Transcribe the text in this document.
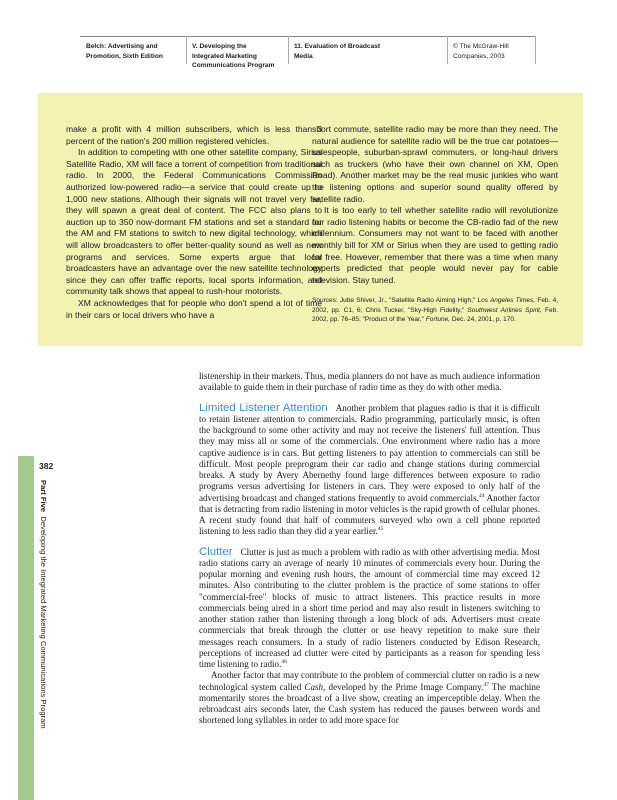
Belch: Advertising and
Promotion, Sixth Edition
V. Developing the
Integrated Marketing
Communications Program
11. Evaluation of Broadcast
Media
© The McGraw-Hill
Companies, 2003

make a profit with 4 million subscribers, which is less than 3 percent of the nation's 200 million registered vehicles.

In addition to competing with one other satellite company, Sirius Satellite Radio, XM will face a torrent of competition from traditional radio. In 2000, the Federal Communications Commission authorized low-powered radio—a service that could create up to 1,000 new stations. Although their signals will not travel very far, they will spawn a great deal of content. The FCC also plans to auction up to 350 now-dormant FM stations and set a standard for the AM and FM stations to switch to new digital technology, which will allow broadcasters to offer better-quality sound as well as new programs and services. Some experts argue that local broadcasters have an advantage over the new satellite technology since they can offer traffic reports, local sports information, and community talk shows that appeal to rush-hour motorists.

XM acknowledges that for people who don't spend a lot of time in their cars or local drivers who have a

short commute, satellite radio may be more than they need. The natural audience for satellite radio will be the true car potatoes—salespeople, suburban-sprawl commuters, or long-haul drivers such as truckers (who have their own channel on XM, Open Road). Another market may be the real music junkies who want the listening options and superior sound quality offered by satellite radio.

It is too early to tell whether satellite radio will revolutionize our radio listening habits or become the CB-radio fad of the new millennium. Consumers may not want to be faced with another monthly bill for XM or Sirius when they are used to getting radio for free. However, remember that there was a time when many experts predicted that people would never pay for cable television. Stay tuned.

Sources: Jube Shiver, Jr., "Satellite Radio Aiming High," Los Angeles Times, Feb. 4, 2002, pp. C1, 6; Chris Tucker, "Sky-High Fidelity," Southwest Airlines Spirit, Feb. 2002, pp. 76–85; "Product of the Year," Fortune, Dec. 24, 2001, p. 170.

382
Part Five  Developing the Integrated Marketing Communications Program

listenership in their markets. Thus, media planners do not have as much audience information available to guide them in their purchase of radio time as they do with other media.

Limited Listener Attention Another problem that plagues radio is that it is difficult to retain listener attention to commercials. Radio programming, particularly music, is often the background to some other activity and may not receive the listeners' full attention. Thus they may miss all or some of the commercials. One environment where radio has a more captive audience is in cars. But getting listeners to pay attention to commercials can still be difficult. Most people preprogram their car radio and change stations during commercial breaks. A study by Avery Abernethy found large differences between exposure to radio programs versus advertising for listeners in cars. They were exposed to only half of the advertising broadcast and changed stations frequently to avoid commercials.$^{44}$ Another factor that is detracting from radio listening in motor vehicles is the rapid growth of cellular phones. A recent study found that half of commuters surveyed who own a cell phone reported listening to less radio than they did a year earlier.$^{45}$

Clutter Clutter is just as much a problem with radio as with other advertising media. Most radio stations carry an average of nearly 10 minutes of commercials every hour. During the popular morning and evening rush hours, the amount of commercial time may exceed 12 minutes. Also contributing to the clutter problem is the practice of some stations to offer "commercial-free" blocks of music to attract listeners. This practice results in more commercials being aired in a short time period and may also result in listeners switching to another station rather than listening through a long block of ads. Advertisers must create commercials that break through the clutter or use heavy repetition to make sure their messages reach consumers. In a study of radio listeners conducted by Edison Research, perceptions of increased ad clutter were cited by participants as a reason for spending less time listening to radio.$^{46}$

Another factor that may contribute to the problem of commercial clutter on radio is a new technological system called Cash, developed by the Prime Image Company.$^{47}$ The machine momentarily stores the broadcast of a live show, creating an imperceptible delay. When the rebroadcast airs seconds later, the Cash system has reduced the pauses between words and shortened long syllables in order to add more space for
